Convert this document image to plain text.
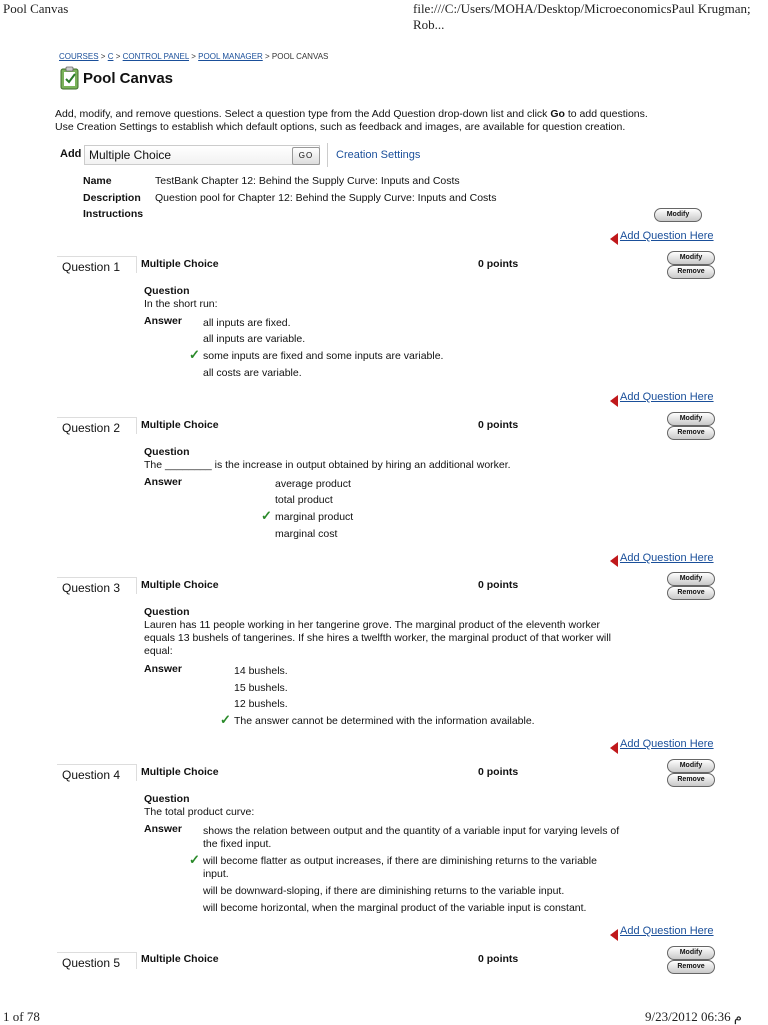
Pool Canvas	file:///C:/Users/MOHA/Desktop/MicroeconomicsPaul Krugman; Rob...
COURSES > C > CONTROL PANEL > POOL MANAGER > POOL CANVAS
Pool Canvas
Add, modify, and remove questions. Select a question type from the Add Question drop-down list and click Go to add questions.
Use Creation Settings to establish which default options, such as feedback and images, are available for question creation.
Add Multiple Choice	GO	Creation Settings
Name	TestBank Chapter 12: Behind the Supply Curve: Inputs and Costs
Description Question pool for Chapter 12: Behind the Supply Curve: Inputs and Costs
Instructions	Modify
Add Question Here
Question 1	Multiple Choice	0 points
Modify
Remove
Question
In the short run:
Answer all inputs are fixed.
all inputs are variable.
✓ some inputs are fixed and some inputs are variable.
all costs are variable.
Add Question Here
Question 2	Multiple Choice	0 points
Modify
Remove
Question
The ________ is the increase in output obtained by hiring an additional worker.
Answer	average product
total product
✓ marginal product
marginal cost
Add Question Here
Question 3	Multiple Choice	0 points
Modify
Remove
Question
Lauren has 11 people working in her tangerine grove. The marginal product of the eleventh worker
equals 13 bushels of tangerines. If she hires a twelfth worker, the marginal product of that worker will
equal:
Answer	14 bushels.
15 bushels.
12 bushels.
✓ The answer cannot be determined with the information available.
Add Question Here
Question 4	Multiple Choice	0 points
Modify
Remove
Question
The total product curve:
Answer shows the relation between output and the quantity of a variable input for varying levels of
the fixed input.
✓ will become flatter as output increases, if there are diminishing returns to the variable
input.
will be downward-sloping, if there are diminishing returns to the variable input.
will become horizontal, when the marginal product of the variable input is constant.
Add Question Here
Question 5	Multiple Choice	0 points
Modify
Remove
1 of 78	9/23/2012 06:36 م
